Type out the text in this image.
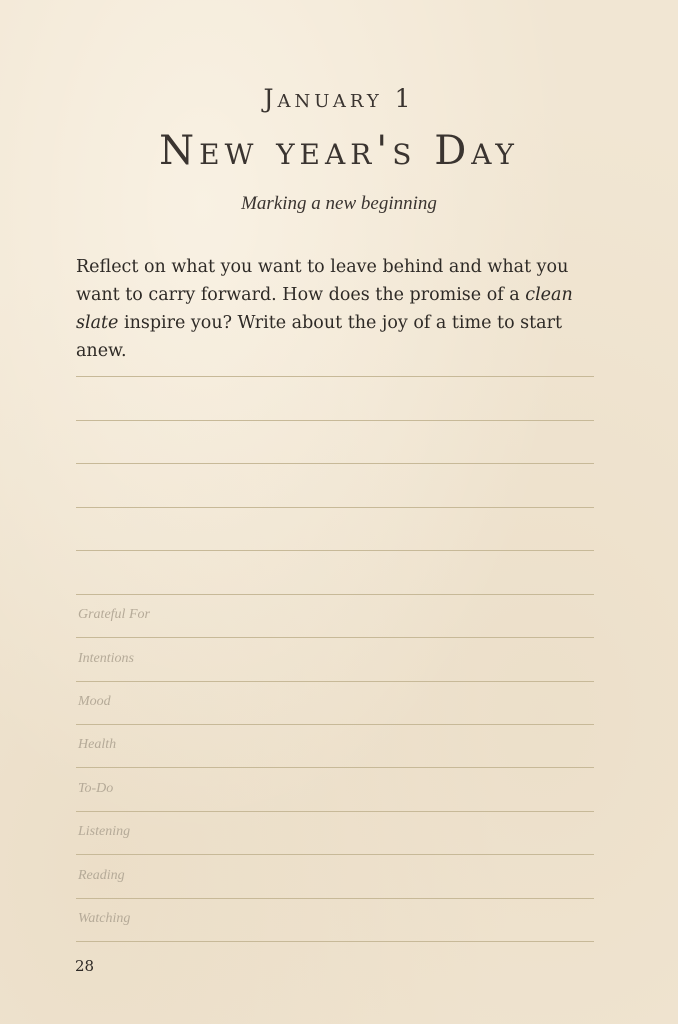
January 1
New year's Day
Marking a new beginning
Reflect on what you want to leave behind and what you want to carry forward. How does the promise of a clean slate inspire you? Write about the joy of a time to start anew.
Grateful For
Intentions
Mood
Health
To-Do
Listening
Reading
Watching
28
